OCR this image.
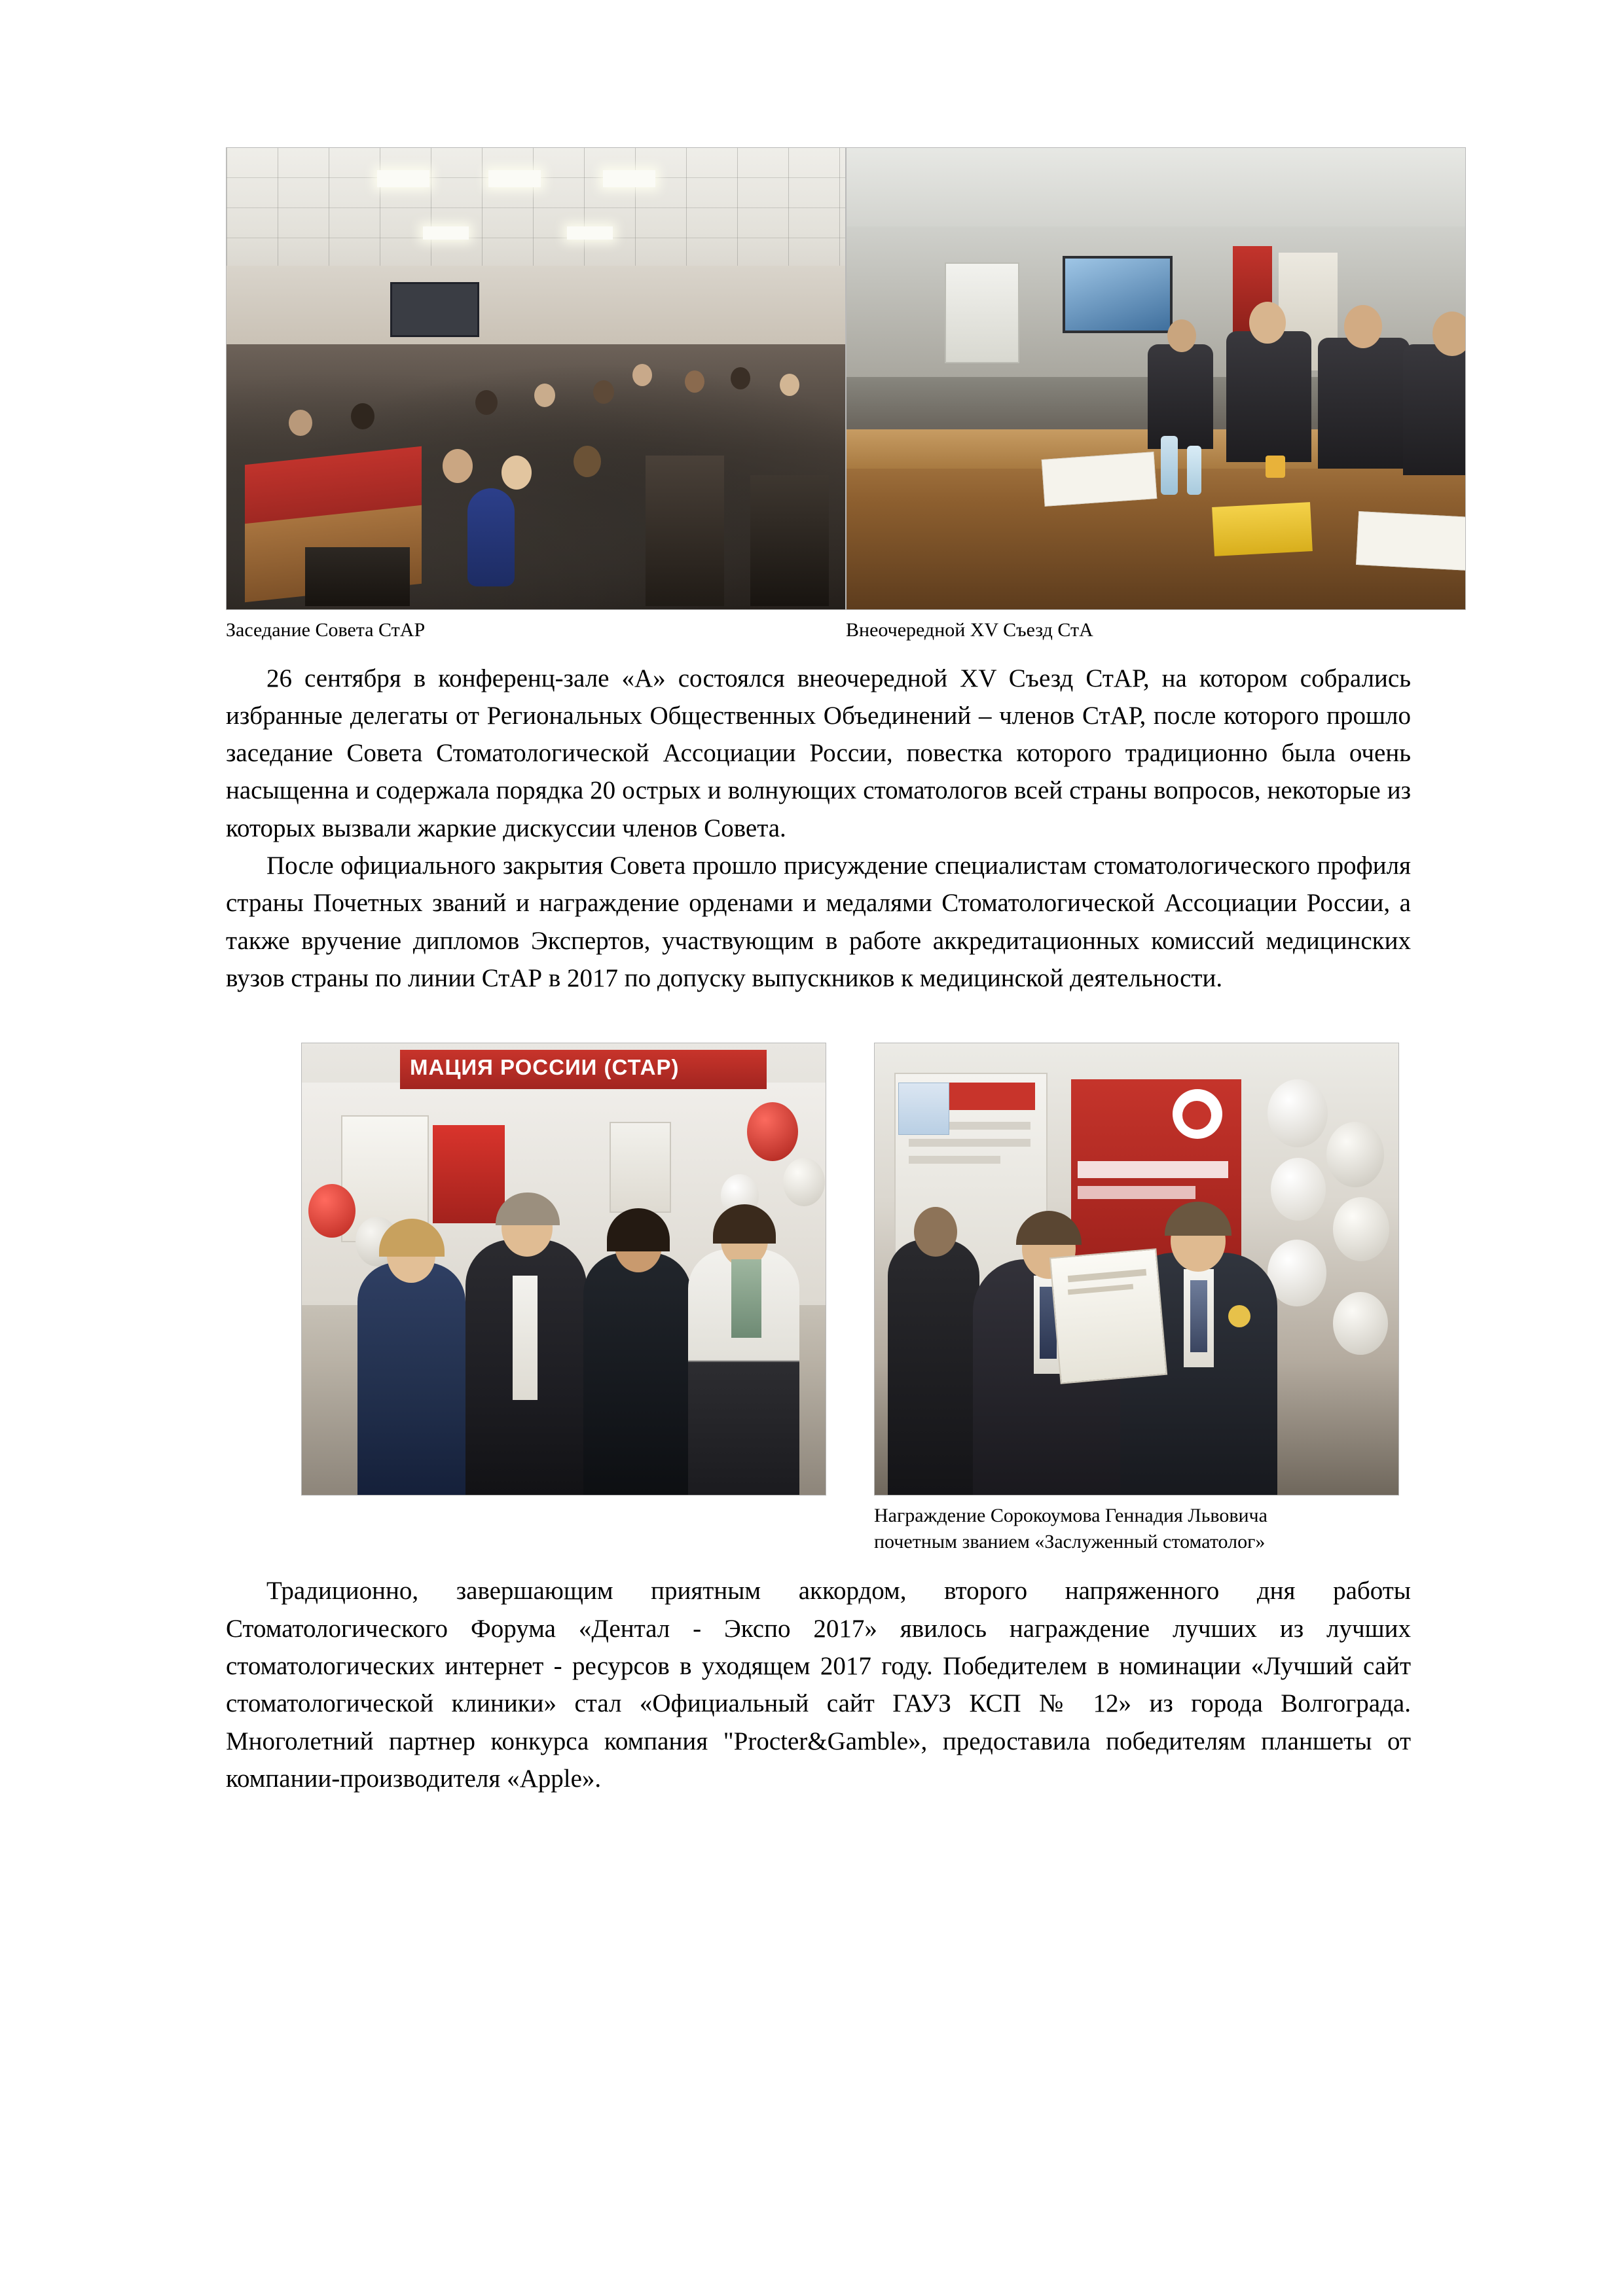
Заседание Совета СтАР	Внеочередной XV Съезд СтА

26 сентября в конференц-зале «А» состоялся внеочередной XV Съезд СтАР, на котором собрались избранные делегаты от Региональных Общественных Объединений – членов СтАР, после которого прошло заседание Совета Стоматологической Ассоциации России, повестка которого традиционно была очень насыщенна и содержала порядка 20 острых и волнующих стоматологов всей страны вопросов, некоторые из которых вызвали жаркие дискуссии членов Совета.

После официального закрытия Совета прошло присуждение специалистам стоматологического профиля страны Почетных званий и награждение орденами и медалями Стоматологической Ассоциации России, а также вручение дипломов Экспертов, участвующим в работе аккредитационных комиссий медицинских вузов страны по линии СтАР в 2017 по допуску выпускников к медицинской деятельности.

МАЦИЯ РОССИИ (СТАР)
Награждение Сорокоумова Геннадия Львовича
почетным званием «Заслуженный стоматолог»

Традиционно, завершающим приятным аккордом, второго напряженного дня работы Стоматологического Форума «Дентал - Экспо 2017» явилось награждение лучших из лучших стоматологических интернет - ресурсов в уходящем 2017 году. Победителем в номинации «Лучший сайт стоматологической клиники» стал «Официальный сайт ГАУЗ КСП № 12» из города Волгограда. Многолетний партнер конкурса компания "Procter&Gamble», предоставила победителям планшеты от компании-производителя «Apple».
